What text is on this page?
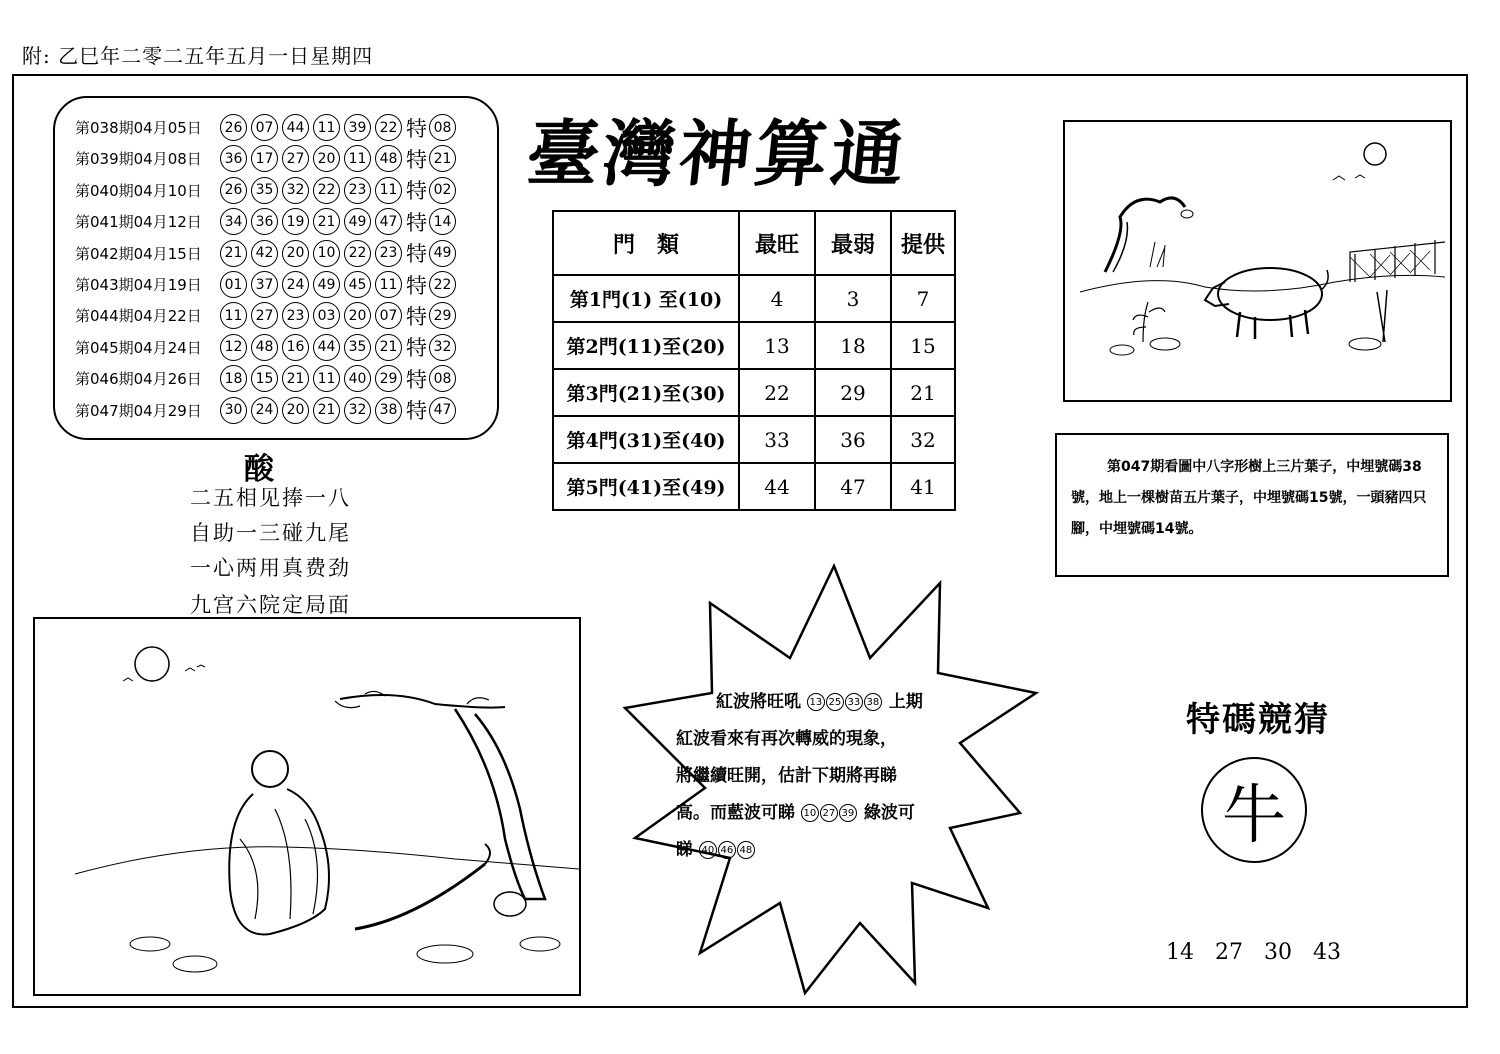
附: 乙巳年二零二五年五月一日星期四
第038期04月05日	26 07 44 11 39 22 特 08
第039期04月08日	36 17 27 20 11 48 特 21
第040期04月10日	26 35 32 22 23 11 特 02
第041期04月12日	34 36 19 21 49 47 特 14
第042期04月15日	21 42 20 10 22 23 特 49
第043期04月19日	01 37 24 49 45 11 特 22
第044期04月22日	11 27 23 03 20 07 特 29
第045期04月24日	12 48 16 44 35 21 特 32
第046期04月26日	18 15 21 11 40 29 特 08
第047期04月29日	30 24 20 21 32 38 特 47
臺灣神算通
門　類	最旺	最弱	提供
第1門(1) 至(10)	4	3	7
第2門(11)至(20)	13	18	15
第3門(21)至(30)	22	29	21
第4門(31)至(40)	33	36	32
第5門(41)至(49)	44	47	41
酸
二五相见捧一八
自助一三碰九尾
一心两用真费劲
九宫六院定局面
第047期看圖中八字形樹上三片葉子，中埋號碼38號，地上一棵樹苗五片葉子，中埋號碼15號，一頭豬四只腳，中埋號碼14號。
紅波將旺吼 13 25 33 38 上期
紅波看來有再次轉威的現象，
將繼續旺開，估計下期將再睇
高。而藍波可睇 10 27 39 綠波可
睇 40 46 48
特碼競猜
牛
14 27 30 43
